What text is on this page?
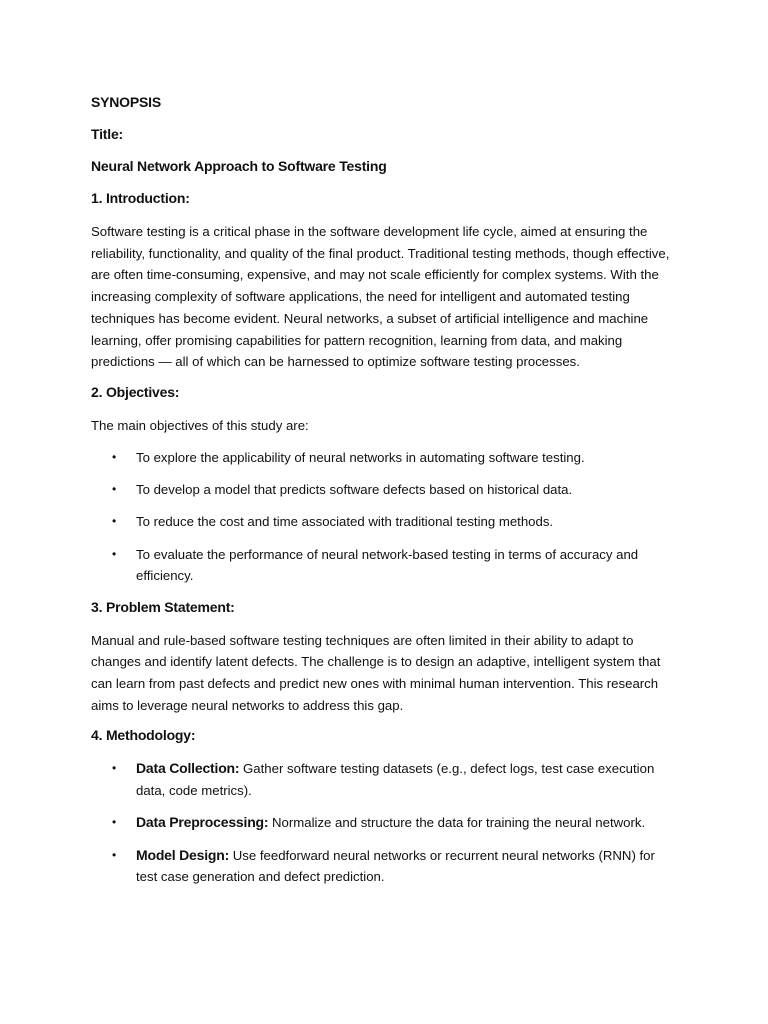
SYNOPSIS
Title:
Neural Network Approach to Software Testing
1. Introduction:

Software testing is a critical phase in the software development life cycle, aimed at ensuring the reliability, functionality, and quality of the final product. Traditional testing methods, though effective, are often time-consuming, expensive, and may not scale efficiently for complex systems. With the increasing complexity of software applications, the need for intelligent and automated testing techniques has become evident. Neural networks, a subset of artificial intelligence and machine learning, offer promising capabilities for pattern recognition, learning from data, and making predictions — all of which can be harnessed to optimize software testing processes.

2. Objectives:

The main objectives of this study are:

• To explore the applicability of neural networks in automating software testing.
• To develop a model that predicts software defects based on historical data.
• To reduce the cost and time associated with traditional testing methods.
• To evaluate the performance of neural network-based testing in terms of accuracy and efficiency.
3. Problem Statement:

Manual and rule-based software testing techniques are often limited in their ability to adapt to changes and identify latent defects. The challenge is to design an adaptive, intelligent system that can learn from past defects and predict new ones with minimal human intervention. This research aims to leverage neural networks to address this gap.

4. Methodology:
• Data Collection: Gather software testing datasets (e.g., defect logs, test case execution data, code metrics).
• Data Preprocessing: Normalize and structure the data for training the neural network.
• Model Design: Use feedforward neural networks or recurrent neural networks (RNN) for test case generation and defect prediction.
